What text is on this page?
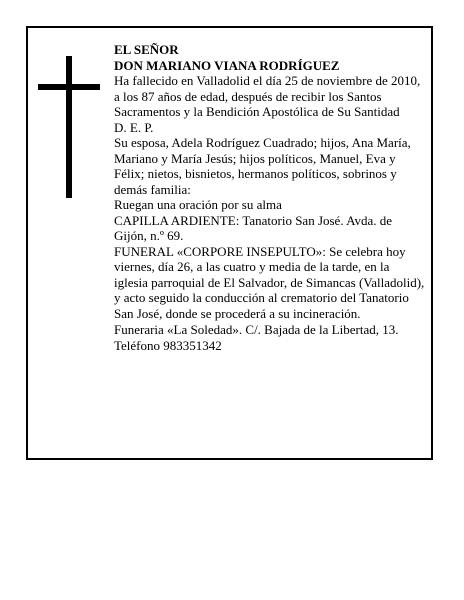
EL SEÑOR

DON MARIANO VIANA RODRÍGUEZ

Ha fallecido en Valladolid el día 25 de noviembre de 2010, a los 87 años de edad, después de recibir los Santos Sacramentos y la Bendición Apostólica de Su Santidad

D. E. P.

Su esposa, Adela Rodríguez Cuadrado; hijos, Ana María, Mariano y María Jesús; hijos políticos, Manuel, Eva y Félix; nietos, bisnietos, hermanos políticos, sobrinos y demás familia:

Ruegan una oración por su alma

CAPILLA ARDIENTE: Tanatorio San José. Avda. de Gijón, n.º 69.

FUNERAL «CORPORE INSEPULTO»: Se celebra hoy viernes, día 26, a las cuatro y media de la tarde, en la iglesia parroquial de El Salvador, de Simancas (Valladolid), y acto seguido la conducción al crematorio del Tanatorio San José, donde se procederá a su incineración.

Funeraria «La Soledad». C/. Bajada de la Libertad, 13. Teléfono 983351342
